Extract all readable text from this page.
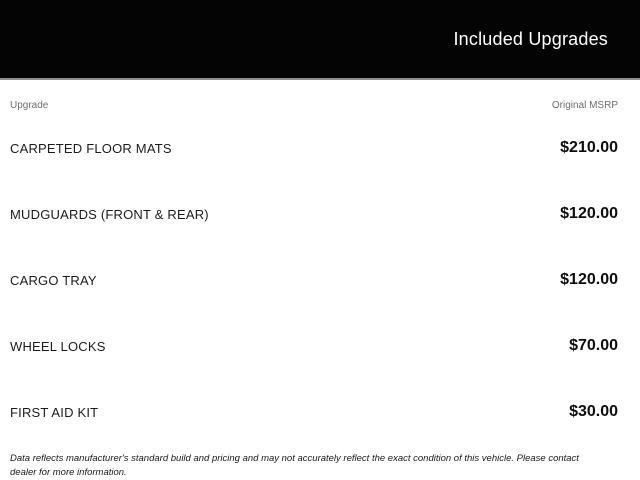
Included Upgrades
Upgrade	Original MSRP
CARPETED FLOOR MATS	$210.00
MUDGUARDS (FRONT & REAR)	$120.00
CARGO TRAY	$120.00
WHEEL LOCKS	$70.00
FIRST AID KIT	$30.00

Data reflects manufacturer's standard build and pricing and may not accurately reflect the exact condition of this vehicle. Please contact dealer for more information.
